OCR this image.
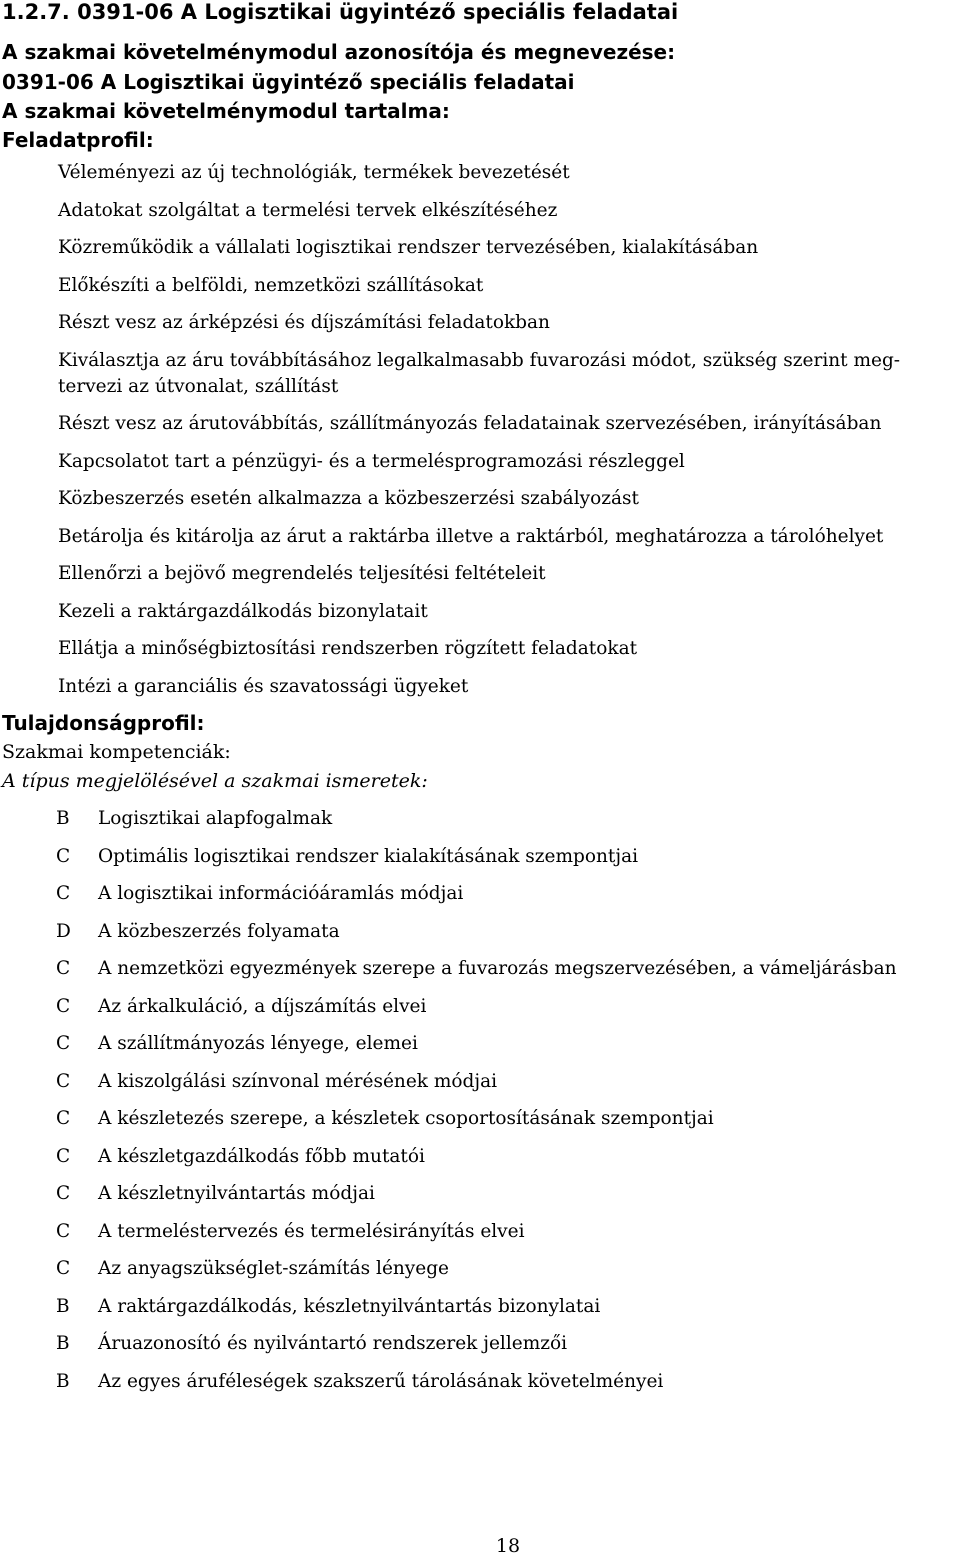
1.2.7. 0391-06 A Logisztikai ügyintéző speciális feladatai
A szakmai követelménymodul azonosítója és megnevezése:
0391-06 A Logisztikai ügyintéző speciális feladatai
A szakmai követelménymodul tartalma:
Feladatprofil:
Véleményezi az új technológiák, termékek bevezetését
Adatokat szolgáltat a termelési tervek elkészítéséhez
Közreműködik a vállalati logisztikai rendszer tervezésében, kialakításában
Előkészíti a belföldi, nemzetközi szállításokat
Részt vesz az árképzési és díjszámítási feladatokban
Kiválasztja az áru továbbításához legalkalmasabb fuvarozási módot, szükség szerint meg-
tervezi az útvonalat, szállítást
Részt vesz az árutovábbítás, szállítmányozás feladatainak szervezésében, irányításában
Kapcsolatot tart a pénzügyi- és a termelésprogramozási részleggel
Közbeszerzés esetén alkalmazza a közbeszerzési szabályozást
Betárolja és kitárolja az árut a raktárba illetve a raktárból, meghatározza a tárolóhelyet
Ellenőrzi a bejövő megrendelés teljesítési feltételeit
Kezeli a raktárgazdálkodás bizonylatait
Ellátja a minőségbiztosítási rendszerben rögzített feladatokat
Intézi a garanciális és szavatossági ügyeket
Tulajdonságprofil:
Szakmai kompetenciák:
A típus megjelölésével a szakmai ismeretek:
B	Logisztikai alapfogalmak
C	Optimális logisztikai rendszer kialakításának szempontjai
C	A logisztikai információáramlás módjai
D	A közbeszerzés folyamata
C	A nemzetközi egyezmények szerepe a fuvarozás megszervezésében, a vámeljárásban
C	Az árkalkuláció, a díjszámítás elvei
C	A szállítmányozás lényege, elemei
C	A kiszolgálási színvonal mérésének módjai
C	A készletezés szerepe, a készletek csoportosításának szempontjai
C	A készletgazdálkodás főbb mutatói
C	A készletnyilvántartás módjai
C	A termeléstervezés és termelésirányítás elvei
C	Az anyagszükséglet-számítás lényege
B	A raktárgazdálkodás, készletnyilvántartás bizonylatai
B	Áruazonosító és nyilvántartó rendszerek jellemzői
B	Az egyes áruféleségek szakszerű tárolásának követelményei
18
